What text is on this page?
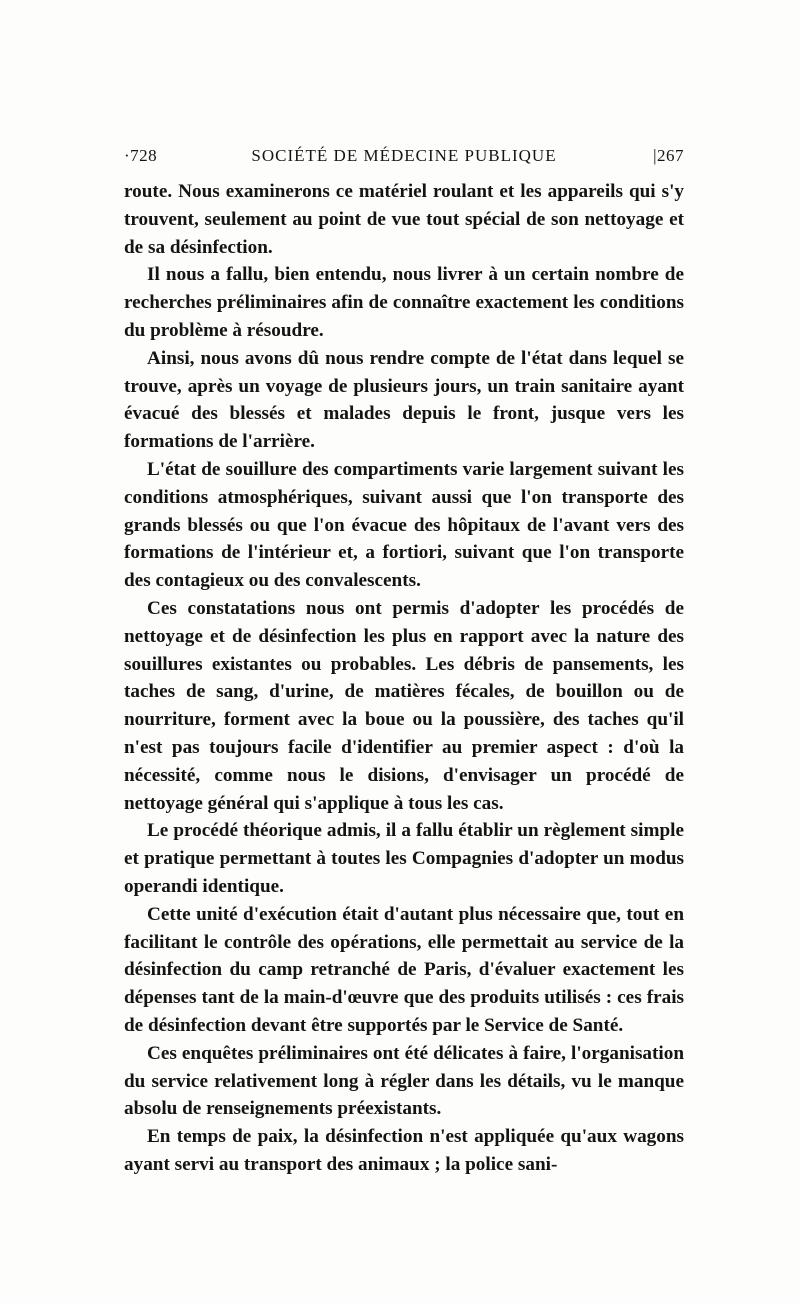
·728	SOCIÉTÉ DE MÉDECINE PUBLIQUE	|267

route. Nous examinerons ce matériel roulant et les appareils qui s'y trouvent, seulement au point de vue tout spécial de son nettoyage et de sa désinfection.

Il nous a fallu, bien entendu, nous livrer à un certain nombre de recherches préliminaires afin de connaître exactement les conditions du problème à résoudre.

Ainsi, nous avons dû nous rendre compte de l'état dans lequel se trouve, après un voyage de plusieurs jours, un train sanitaire ayant évacué des blessés et malades depuis le front, jusque vers les formations de l'arrière.

L'état de souillure des compartiments varie largement suivant les conditions atmosphériques, suivant aussi que l'on transporte des grands blessés ou que l'on évacue des hôpitaux de l'avant vers des formations de l'intérieur et, a fortiori, suivant que l'on transporte des contagieux ou des convalescents.

Ces constatations nous ont permis d'adopter les procédés de nettoyage et de désinfection les plus en rapport avec la nature des souillures existantes ou probables. Les débris de pansements, les taches de sang, d'urine, de matières fécales, de bouillon ou de nourriture, forment avec la boue ou la poussière, des taches qu'il n'est pas toujours facile d'identifier au premier aspect : d'où la nécessité, comme nous le disions, d'envisager un procédé de nettoyage général qui s'applique à tous les cas.

Le procédé théorique admis, il a fallu établir un règlement simple et pratique permettant à toutes les Compagnies d'adopter un modus operandi identique.

Cette unité d'exécution était d'autant plus nécessaire que, tout en facilitant le contrôle des opérations, elle permettait au service de la désinfection du camp retranché de Paris, d'évaluer exactement les dépenses tant de la main-d'œuvre que des produits utilisés : ces frais de désinfection devant être supportés par le Service de Santé.

Ces enquêtes préliminaires ont été délicates à faire, l'organisation du service relativement long à régler dans les détails, vu le manque absolu de renseignements préexistants.

En temps de paix, la désinfection n'est appliquée qu'aux wagons ayant servi au transport des animaux ; la police sani-
